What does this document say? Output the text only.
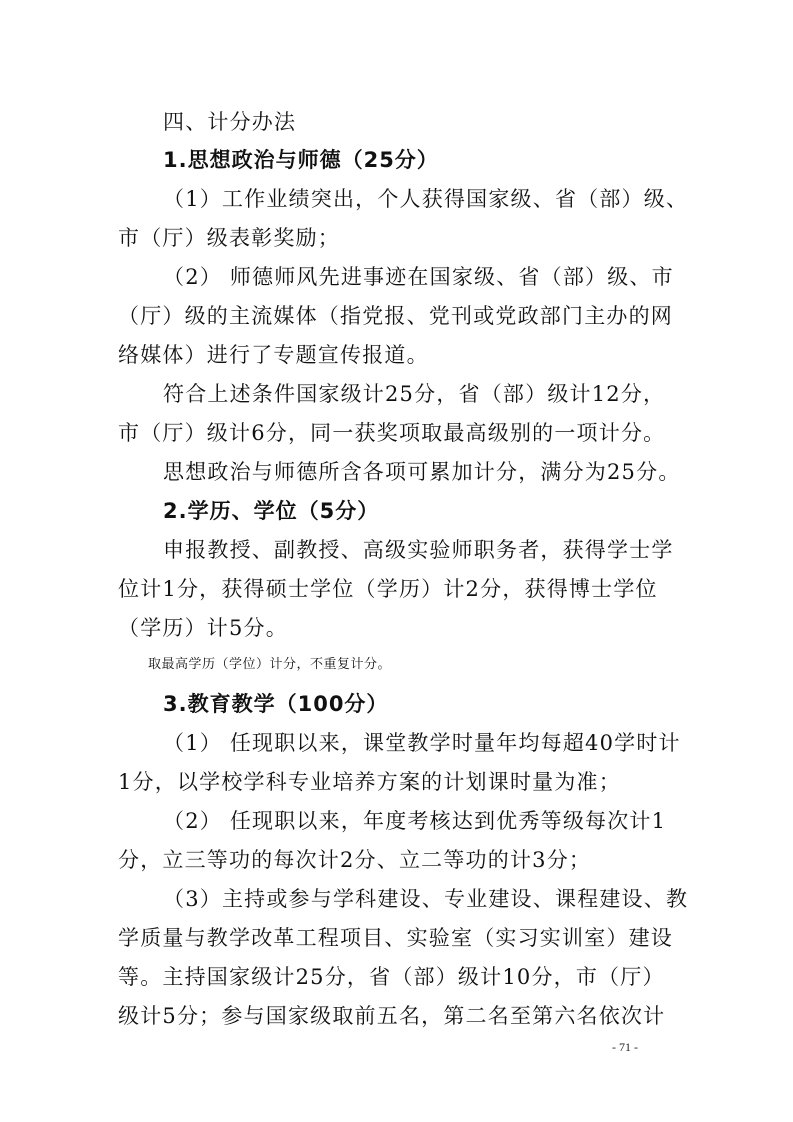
四、计分办法
1.思想政治与师德（25分）
（1）工作业绩突出，个人获得国家级、省（部）级、
市（厅）级表彰奖励；
（2） 师德师风先进事迹在国家级、省（部）级、市
（厅）级的主流媒体（指党报、党刊或党政部门主办的网
络媒体）进行了专题宣传报道。
符合上述条件国家级计25分，省（部）级计12分，
市（厅）级计6分，同一获奖项取最高级别的一项计分。
思想政治与师德所含各项可累加计分，满分为25分。
2.学历、学位（5分）
申报教授、副教授、高级实验师职务者，获得学士学
位计1分，获得硕士学位（学历）计2分，获得博士学位
（学历）计5分。
取最高学历（学位）计分，不重复计分。
3.教育教学（100分）
（1） 任现职以来，课堂教学时量年均每超40学时计
1分，以学校学科专业培养方案的计划课时量为准；
（2） 任现职以来，年度考核达到优秀等级每次计1
分，立三等功的每次计2分、立二等功的计3分；
（3）主持或参与学科建设、专业建设、课程建设、教
学质量与教学改革工程项目、实验室（实习实训室）建设
等。主持国家级计25分，省（部）级计10分，市（厅）
级计5分；参与国家级取前五名，第二名至第六名依次计
- 71 -
